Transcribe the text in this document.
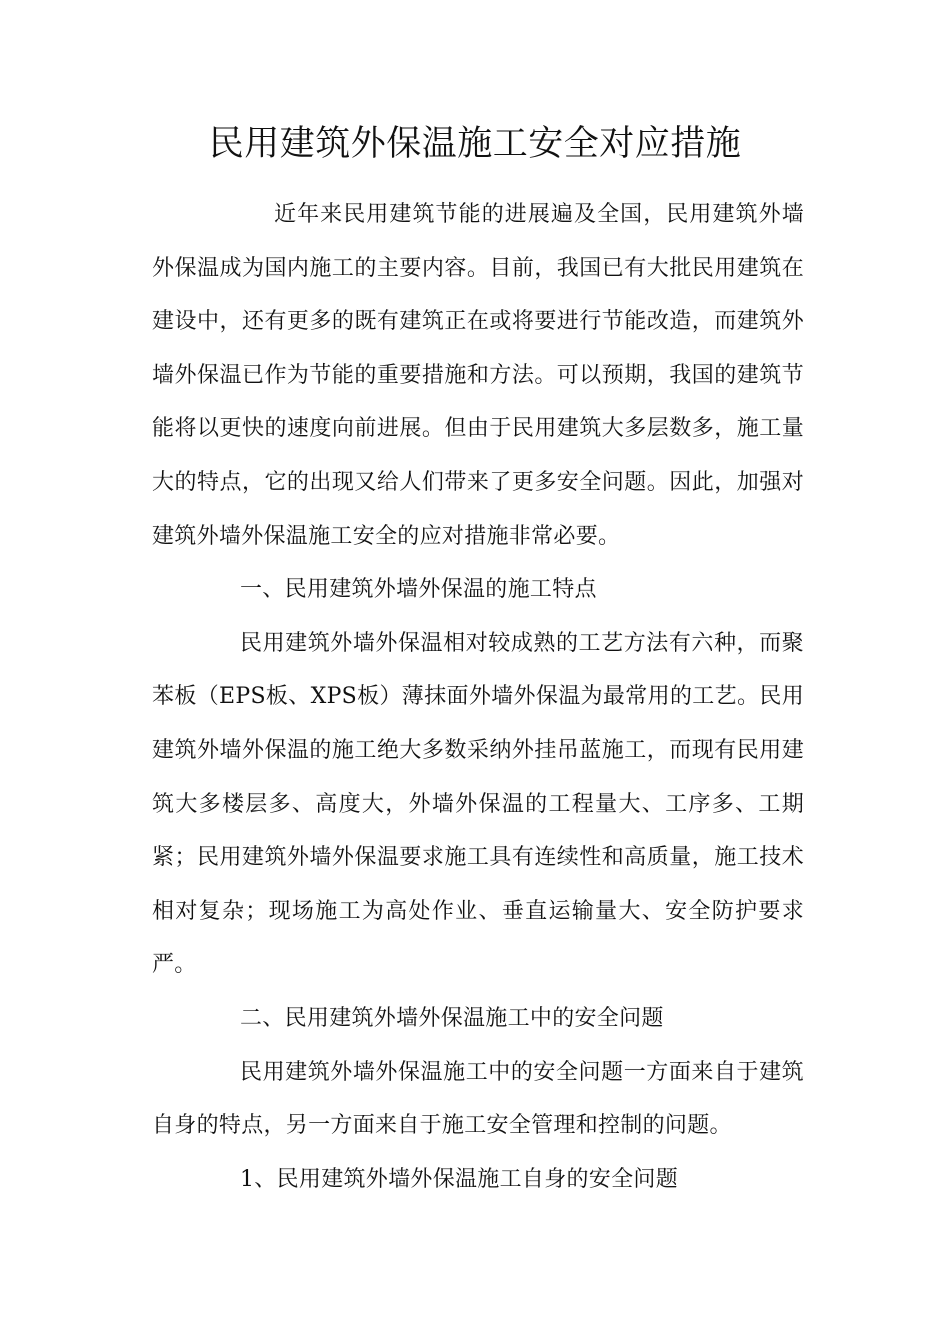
民用建筑外保温施工安全对应措施

近年来民用建筑节能的进展遍及全国，民用建筑外墙外保温成为国内施工的主要内容。目前，我国已有大批民用建筑在建设中，还有更多的既有建筑正在或将要进行节能改造，而建筑外墙外保温已作为节能的重要措施和方法。可以预期，我国的建筑节能将以更快的速度向前进展。但由于民用建筑大多层数多，施工量大的特点，它的出现又给人们带来了更多安全问题。因此，加强对建筑外墙外保温施工安全的应对措施非常必要。

一、民用建筑外墙外保温的施工特点

民用建筑外墙外保温相对较成熟的工艺方法有六种，而聚苯板（EPS板、XPS板）薄抹面外墙外保温为最常用的工艺。民用建筑外墙外保温的施工绝大多数采纳外挂吊蓝施工，而现有民用建筑大多楼层多、高度大，外墙外保温的工程量大、工序多、工期紧；民用建筑外墙外保温要求施工具有连续性和高质量，施工技术相对复杂；现场施工为高处作业、垂直运输量大、安全防护要求严。

二、民用建筑外墙外保温施工中的安全问题

民用建筑外墙外保温施工中的安全问题一方面来自于建筑自身的特点，另一方面来自于施工安全管理和控制的问题。

1、民用建筑外墙外保温施工自身的安全问题
